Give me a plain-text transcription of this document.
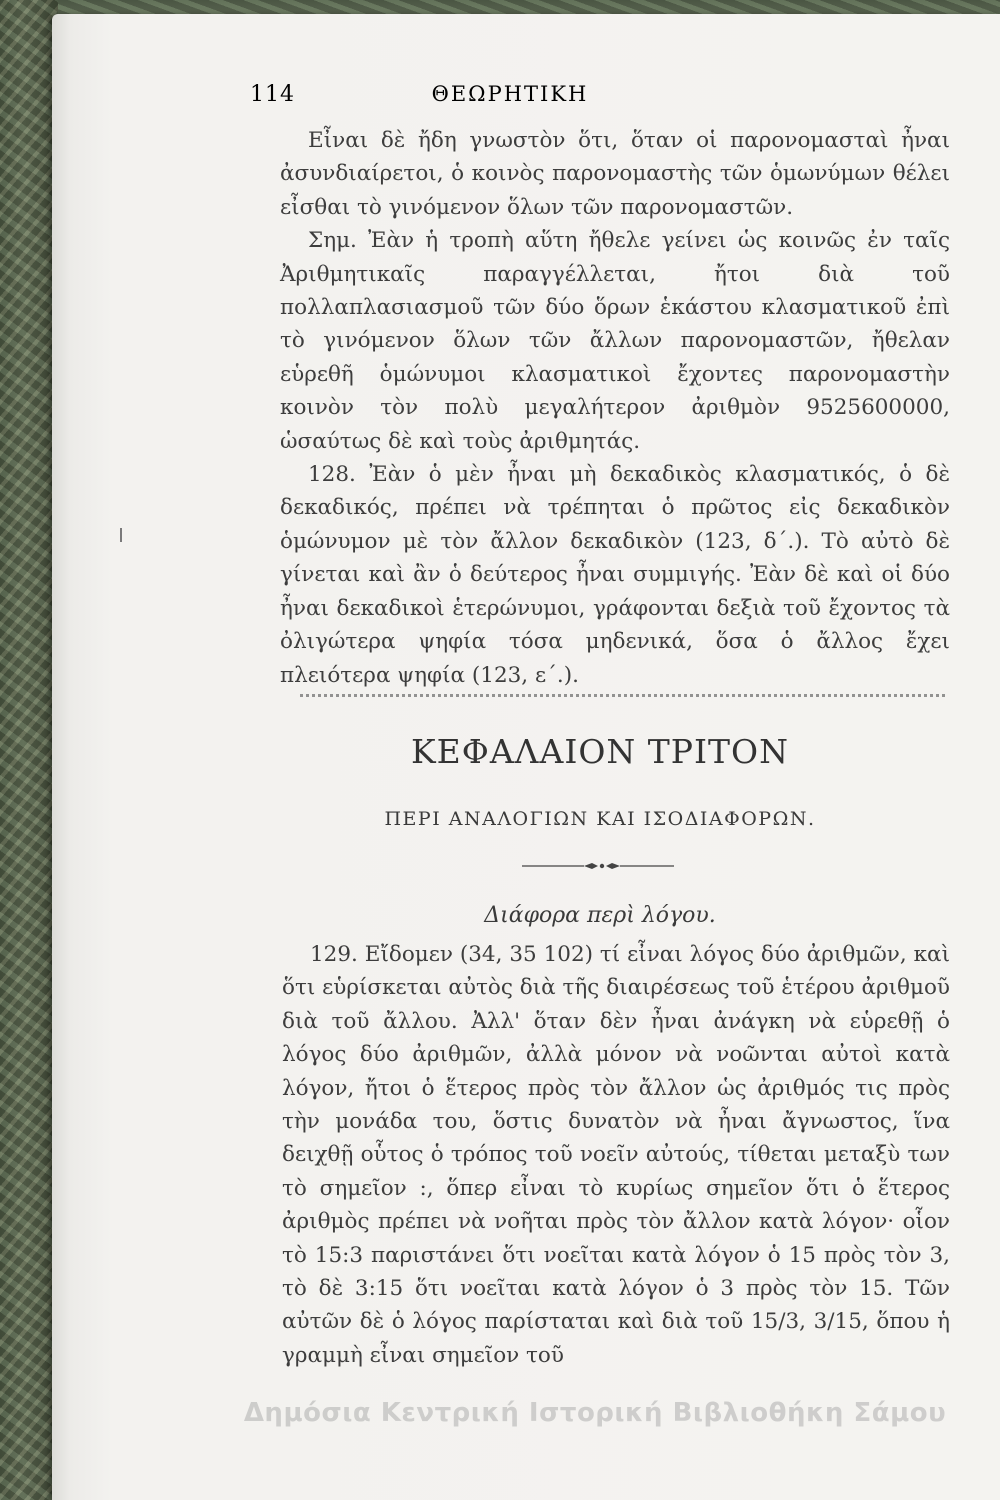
114	ΘΕΩΡΗΤΙΚΗ

Εἶναι δὲ ἤδη γνωστὸν ὅτι, ὅταν οἱ παρονομασταὶ ἦναι ἀσυνδιαίρετοι, ὁ κοινὸς παρονομαστὴς τῶν ὁμωνύμων θέλει εἶσθαι τὸ γινόμενον ὅλων τῶν παρονομαστῶν.

Σημ. Ἐὰν ἡ τροπὴ αὕτη ἤθελε γείνει ὡς κοινῶς ἐν ταῖς Ἀριθμητικαῖς παραγγέλλεται, ἤτοι διὰ τοῦ πολλαπλασιασμοῦ τῶν δύο ὅρων ἑκάστου κλασματικοῦ ἐπὶ τὸ γινόμενον ὅλων τῶν ἄλλων παρονομαστῶν, ἤθελαν εὑρεθῆ ὁμώνυμοι κλασματικοὶ ἔχοντες παρονομαστὴν κοινὸν τὸν πολὺ μεγαλήτερον ἀριθμὸν 9525600000, ὡσαύτως δὲ καὶ τοὺς ἀριθμητάς.

128. Ἐὰν ὁ μὲν ἦναι μὴ δεκαδικὸς κλασματικός, ὁ δὲ δεκαδικός, πρέπει νὰ τρέπηται ὁ πρῶτος εἰς δεκαδικὸν ὁμώνυμον μὲ τὸν ἄλλον δεκαδικὸν (123, δ΄.). Τὸ αὐτὸ δὲ γίνεται καὶ ἂν ὁ δεύτερος ἦναι συμμιγής. Ἐὰν δὲ καὶ οἱ δύο ἦναι δεκαδικοὶ ἑτερώνυμοι, γράφονται δεξιὰ τοῦ ἔχοντος τὰ ὀλιγώτερα ψηφία τόσα μηδενικά, ὅσα ὁ ἄλλος ἔχει πλειότερα ψηφία (123, ε΄.).

ΚΕΦΑΛΑΙΟΝ ΤΡΙΤΟΝ
ΠΕΡΙ ΑΝΑΛΟΓΙΩΝ ΚΑΙ ΙΣΟΔΙΑΦΟΡΩΝ.
Διάφορα περὶ λόγου.

129. Εἴδομεν (34, 35 102) τί εἶναι λόγος δύο ἀριθμῶν, καὶ ὅτι εὑρίσκεται αὐτὸς διὰ τῆς διαιρέσεως τοῦ ἑτέρου ἀριθμοῦ διὰ τοῦ ἄλλου. Ἀλλ' ὅταν δὲν ἦναι ἀνάγκη νὰ εὑρεθῇ ὁ λόγος δύο ἀριθμῶν, ἀλλὰ μόνον νὰ νοῶνται αὐτοὶ κατὰ λόγον, ἤτοι ὁ ἕτερος πρὸς τὸν ἄλλον ὡς ἀριθμός τις πρὸς τὴν μονάδα του, ὅστις δυνατὸν νὰ ἦναι ἄγνωστος, ἵνα δειχθῇ οὗτος ὁ τρόπος τοῦ νοεῖν αὐτούς, τίθεται μεταξὺ των τὸ σημεῖον :, ὅπερ εἶναι τὸ κυρίως σημεῖον ὅτι ὁ ἕτερος ἀριθμὸς πρέπει νὰ νοῆται πρὸς τὸν ἄλλον κατὰ λόγον· οἷον τὸ 15:3 παριστάνει ὅτι νοεῖται κατὰ λόγον ὁ 15 πρὸς τὸν 3, τὸ δὲ 3:15 ὅτι νοεῖται κατὰ λόγον ὁ 3 πρὸς τὸν 15. Τῶν αὐτῶν δὲ ὁ λόγος παρίσταται καὶ διὰ τοῦ 15/3, 3/15, ὅπου ἡ γραμμὴ εἶναι σημεῖον τοῦ

Δημόσια Κεντρική Ιστορική Βιβλιοθήκη Σάμου
